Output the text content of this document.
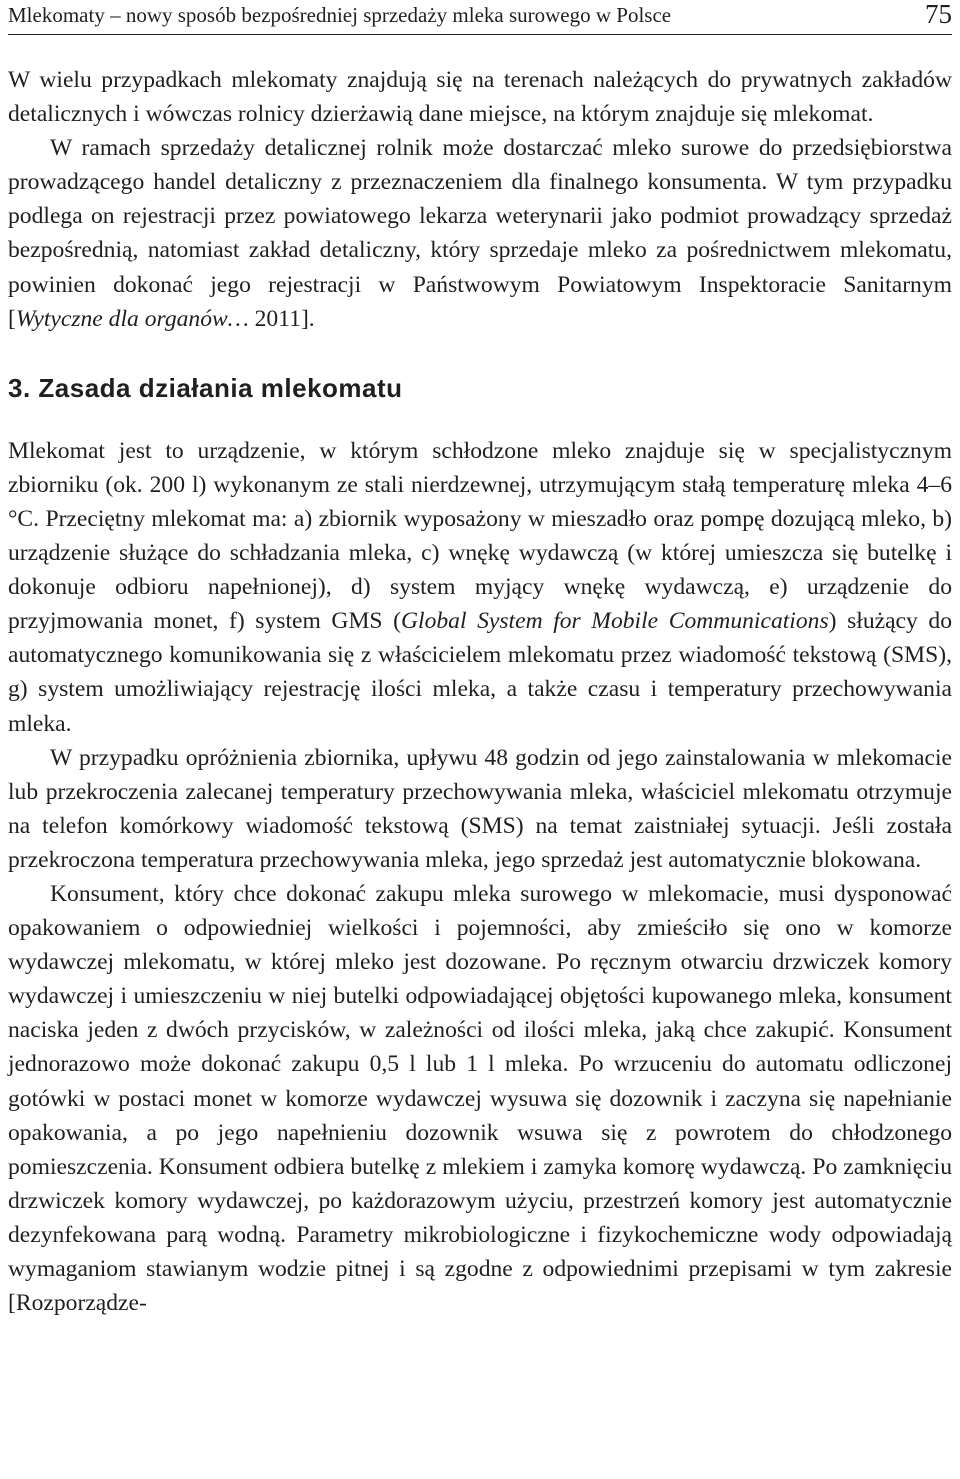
Mlekomaty – nowy sposób bezpośredniej sprzedaży mleka surowego w Polsce	75

W wielu przypadkach mlekomaty znajdują się na terenach należących do prywatnych zakładów detalicznych i wówczas rolnicy dzierżawią dane miejsce, na którym znajduje się mlekomat.

W ramach sprzedaży detalicznej rolnik może dostarczać mleko surowe do przedsiębiorstwa prowadzącego handel detaliczny z przeznaczeniem dla finalnego konsumenta. W tym przypadku podlega on rejestracji przez powiatowego lekarza weterynarii jako podmiot prowadzący sprzedaż bezpośrednią, natomiast zakład detaliczny, który sprzedaje mleko za pośrednictwem mlekomatu, powinien dokonać jego rejestracji w Państwowym Powiatowym Inspektoracie Sanitarnym [Wytyczne dla organów… 2011].

3. Zasada działania mlekomatu

Mlekomat jest to urządzenie, w którym schłodzone mleko znajduje się w specjalistycznym zbiorniku (ok. 200 l) wykonanym ze stali nierdzewnej, utrzymującym stałą temperaturę mleka 4–6 °C. Przeciętny mlekomat ma: a) zbiornik wyposażony w mieszadło oraz pompę dozującą mleko, b) urządzenie służące do schładzania mleka, c) wnękę wydawczą (w której umieszcza się butelkę i dokonuje odbioru napełnionej), d) system myjący wnękę wydawczą, e) urządzenie do przyjmowania monet, f) system GMS (Global System for Mobile Communications) służący do automatycznego komunikowania się z właścicielem mlekomatu przez wiadomość tekstową (SMS), g) system umożliwiający rejestrację ilości mleka, a także czasu i temperatury przechowywania mleka.

W przypadku opróżnienia zbiornika, upływu 48 godzin od jego zainstalowania w mlekomacie lub przekroczenia zalecanej temperatury przechowywania mleka, właściciel mlekomatu otrzymuje na telefon komórkowy wiadomość tekstową (SMS) na temat zaistniałej sytuacji. Jeśli została przekroczona temperatura przechowywania mleka, jego sprzedaż jest automatycznie blokowana.

Konsument, który chce dokonać zakupu mleka surowego w mlekomacie, musi dysponować opakowaniem o odpowiedniej wielkości i pojemności, aby zmieściło się ono w komorze wydawczej mlekomatu, w której mleko jest dozowane. Po ręcznym otwarciu drzwiczek komory wydawczej i umieszczeniu w niej butelki odpowiadającej objętości kupowanego mleka, konsument naciska jeden z dwóch przycisków, w zależności od ilości mleka, jaką chce zakupić. Konsument jednorazowo może dokonać zakupu 0,5 l lub 1 l mleka. Po wrzuceniu do automatu odliczonej gotówki w postaci monet w komorze wydawczej wysuwa się dozownik i zaczyna się napełnianie opakowania, a po jego napełnieniu dozownik wsuwa się z powrotem do chłodzonego pomieszczenia. Konsument odbiera butelkę z mlekiem i zamyka komorę wydawczą. Po zamknięciu drzwiczek komory wydawczej, po każdorazowym użyciu, przestrzeń komory jest automatycznie dezynfekowana parą wodną. Parametry mikrobiologiczne i fizykochemiczne wody odpowiadają wymaganiom stawianym wodzie pitnej i są zgodne z odpowiednimi przepisami w tym zakresie [Rozporządze-
